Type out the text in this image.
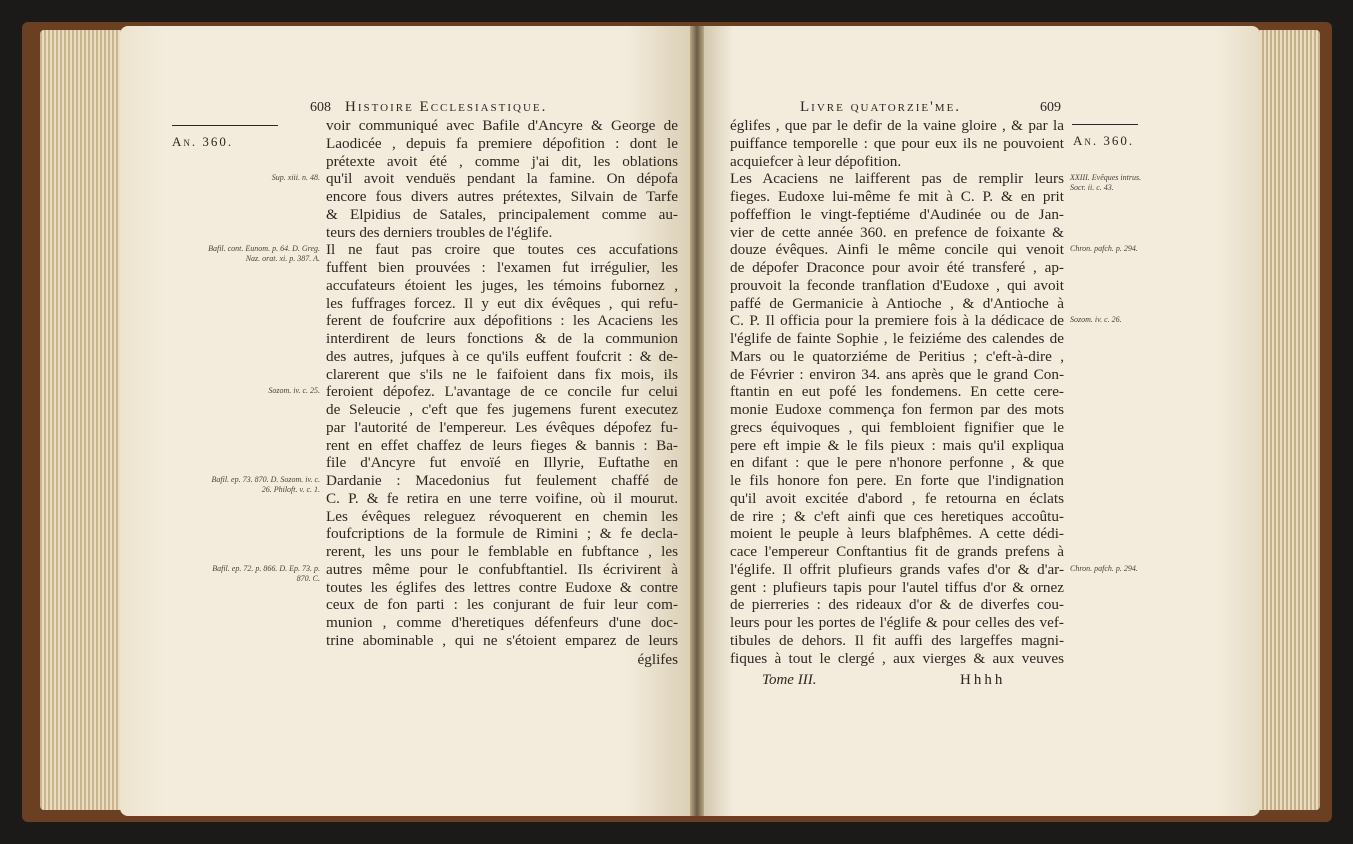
608 Histoire Ecclesiastique.
An. 360.
voir communiqué avec Bafile d'Ancyre & George de
Laodicée , depuis fa premiere dépofition : dont le
prétexte avoit été , comme j'ai dit, les oblations
qu'il avoit venduës pendant la famine. On dépofa
encore fous divers autres prétextes, Silvain de Tarfe
& Elpidius de Satales, principalement comme au-
teurs des derniers troubles de l'églife.
Il ne faut pas croire que toutes ces accufations
fuffent bien prouvées : l'examen fut irrégulier, les
accufateurs étoient les juges, les témoins fubornez ,
les fuffrages forcez. Il y eut dix évêques , qui refu-
ferent de foufcrire aux dépofitions : les Acaciens les
interdirent de leurs fonctions & de la communion
des autres, jufques à ce qu'ils euffent foufcrit : & de-
clarerent que s'ils ne le faifoient dans fix mois, ils
feroient dépofez. L'avantage de ce concile fur celui
de Seleucie , c'eft que fes jugemens furent executez
par l'autorité de l'empereur. Les évêques dépofez fu-
rent en effet chaffez de leurs fieges & bannis : Ba-
file d'Ancyre fut envoïé en Illyrie, Euftathe en
Dardanie : Macedonius fut feulement chaffé de
C. P. & fe retira en une terre voifine, où il mourut.
Les évêques releguez révoquerent en chemin les
foufcriptions de la formule de Rimini ; & fe decla-
rerent, les uns pour le femblable en fubftance , les
autres même pour le confubftantiel. Ils écrivirent à
toutes les églifes des lettres contre Eudoxe & contre
ceux de fon parti : les conjurant de fuir leur com-
munion , comme d'heretiques défenfeurs d'une doc-
trine abominable , qui ne s'étoient emparez de leurs
Sup. xiii. n. 48.
Bafil. cont. Eunom. p. 64. D. Greg. Naz. orat. xi. p. 387. A.
Sozom. iv. c. 25.
Bafil. ep. 73. 870. D. Sozom. iv. c. 26. Philoft. v. c. 1.
Bafil. ep. 72. p. 866. D. Ep. 73. p. 870. C.
églifes
Livre quatorzie'me.	609
An. 360.
églifes , que par le defir de la vaine gloire , & par la
puiffance temporelle : que pour eux ils ne pouvoient
acquiefcer à leur dépofition.
Les Acaciens ne laifferent pas de remplir leurs
fieges. Eudoxe lui-même fe mit à C. P. & en prit
poffeffion le vingt-feptiéme d'Audinée ou de Jan-
vier de cette année 360. en prefence de foixante &
douze évêques. Ainfi le même concile qui venoit
de dépofer Draconce pour avoir été transferé , ap-
prouvoit la feconde tranflation d'Eudoxe , qui avoit
paffé de Germanicie à Antioche , & d'Antioche à
C. P. Il officia pour la premiere fois à la dédicace de
l'églife de fainte Sophie , le feiziéme des calendes de
Mars ou le quatorziéme de Peritius ; c'eft-à-dire ,
de Février : environ 34. ans après que le grand Con-
ftantin en eut pofé les fondemens. En cette cere-
monie Eudoxe commença fon fermon par des mots
grecs équivoques , qui fembloient fignifier que le
pere eft impie & le fils pieux : mais qu'il expliqua
en difant : que le pere n'honore perfonne , & que
le fils honore fon pere. En forte que l'indignation
qu'il avoit excitée d'abord , fe retourna en éclats
de rire ; & c'eft ainfi que ces heretiques accoûtu-
moient le peuple à leurs blafphêmes. A cette dédi-
cace l'empereur Conftantius fit de grands prefens à
l'églife. Il offrit plufieurs grands vafes d'or & d'ar-
gent : plufieurs tapis pour l'autel tiffus d'or & ornez
de pierreries : des rideaux d'or & de diverfes cou-
leurs pour les portes de l'églife & pour celles des vef-
tibules de dehors. Il fit auffi des largeffes magni-
fiques à tout le clergé , aux vierges & aux veuves
XXIII. Evêques intrus. Socr. ii. c. 43.
Chron. pafch. p. 294.
Sozom. iv. c. 26.
Chron. pafch. p. 294.
Tome III.	Hhhh
